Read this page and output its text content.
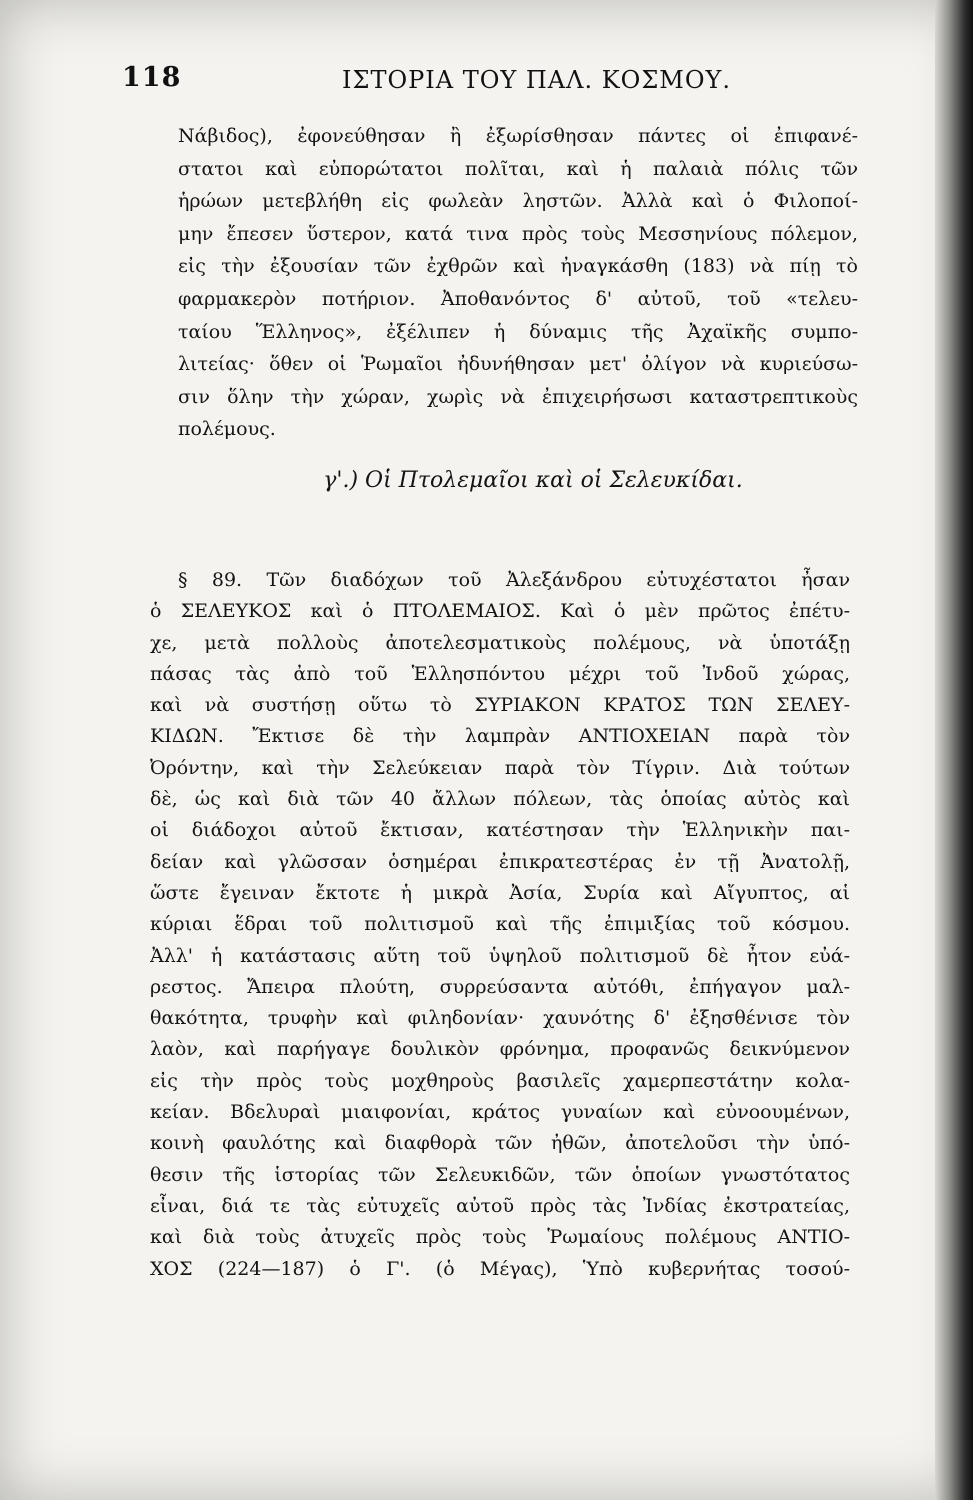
118	ΙΣΤΟΡΙΑ ΤΟΥ ΠΑΛ. ΚΟΣΜΟΥ.
Νάβιδος), ἐφονεύθησαν ἢ ἐξωρίσθησαν πάντες οἱ ἐπιφανέ-
στατοι καὶ εὐπορώτατοι πολῖται, καὶ ἡ παλαιὰ πόλις τῶν
ἡρώων μετεβλήθη εἰς φωλεὰν ληστῶν. Ἀλλὰ καὶ ὁ Φιλοποί-
μην ἔπεσεν ὕστερον, κατά τινα πρὸς τοὺς Μεσσηνίους πόλεμον,
εἰς τὴν ἐξουσίαν τῶν ἐχθρῶν καὶ ἠναγκάσθη (183) νὰ πίῃ τὸ
φαρμακερὸν ποτήριον. Ἀποθανόντος δ' αὐτοῦ, τοῦ «τελευ-
ταίου Ἕλληνος», ἐξέλιπεν ἡ δύναμις τῆς Ἀχαϊκῆς συμπο-
λιτείας· ὅθεν οἱ Ῥωμαῖοι ἠδυνήθησαν μετ' ὀλίγον νὰ κυριεύσω-
σιν ὅλην τὴν χώραν, χωρὶς νὰ ἐπιχειρήσωσι καταστρεπτικοὺς
πολέμους.
γ'.) Οἱ Πτολεμαῖοι καὶ οἱ Σελευκίδαι.
§ 89. Τῶν διαδόχων τοῦ Ἀλεξάνδρου εὐτυχέστατοι ἦσαν
ὁ ΣΕΛΕΥΚΟΣ καὶ ὁ ΠΤΟΛΕΜΑΙΟΣ. Καὶ ὁ μὲν πρῶτος ἐπέτυ-
χε, μετὰ πολλοὺς ἀποτελεσματικοὺς πολέμους, νὰ ὑποτάξῃ
πάσας τὰς ἀπὸ τοῦ Ἑλλησπόντου μέχρι τοῦ Ἰνδοῦ χώρας,
καὶ νὰ συστήσῃ οὕτω τὸ ΣΥΡΙΑΚΟΝ ΚΡΑΤΟΣ ΤΩΝ ΣΕΛΕΥ-
ΚΙΔΩΝ. Ἔκτισε δὲ τὴν λαμπρὰν ΑΝΤΙΟΧΕΙΑΝ παρὰ τὸν
Ὀρόντην, καὶ τὴν Σελεύκειαν παρὰ τὸν Τίγριν. Διὰ τούτων
δὲ, ὡς καὶ διὰ τῶν 40 ἄλλων πόλεων, τὰς ὁποίας αὐτὸς καὶ
οἱ διάδοχοι αὐτοῦ ἔκτισαν, κατέστησαν τὴν Ἑλληνικὴν παι-
δείαν καὶ γλῶσσαν ὁσημέραι ἐπικρατεστέρας ἐν τῇ Ἀνατολῇ,
ὥστε ἔγειναν ἔκτοτε ἡ μικρὰ Ἀσία, Συρία καὶ Αἴγυπτος, αἱ
κύριαι ἕδραι τοῦ πολιτισμοῦ καὶ τῆς ἐπιμιξίας τοῦ κόσμου.
Ἀλλ' ἡ κατάστασις αὕτη τοῦ ὑψηλοῦ πολιτισμοῦ δὲ ἦτον εὐά-
ρεστος. Ἄπειρα πλούτη, συρρεύσαντα αὐτόθι, ἐπήγαγον μαλ-
θακότητα, τρυφὴν καὶ φιληδονίαν· χαυνότης δ' ἐξησθένισε τὸν
λαὸν, καὶ παρήγαγε δουλικὸν φρόνημα, προφανῶς δεικνύμενον
εἰς τὴν πρὸς τοὺς μοχθηροὺς βασιλεῖς χαμερπεστάτην κολα-
κείαν. Βδελυραὶ μιαιφονίαι, κράτος γυναίων καὶ εὐνοουμένων,
κοινὴ φαυλότης καὶ διαφθορὰ τῶν ἠθῶν, ἀποτελοῦσι τὴν ὑπό-
θεσιν τῆς ἱστορίας τῶν Σελευκιδῶν, τῶν ὁποίων γνωστότατος
εἶναι, διά τε τὰς εὐτυχεῖς αὐτοῦ πρὸς τὰς Ἰνδίας ἐκστρατείας,
καὶ διὰ τοὺς ἀτυχεῖς πρὸς τοὺς Ῥωμαίους πολέμους ΑΝΤΙΟ-
ΧΟΣ (224—187) ὁ Γ'. (ὁ Μέγας), Ὑπὸ κυβερνήτας τοσού-
